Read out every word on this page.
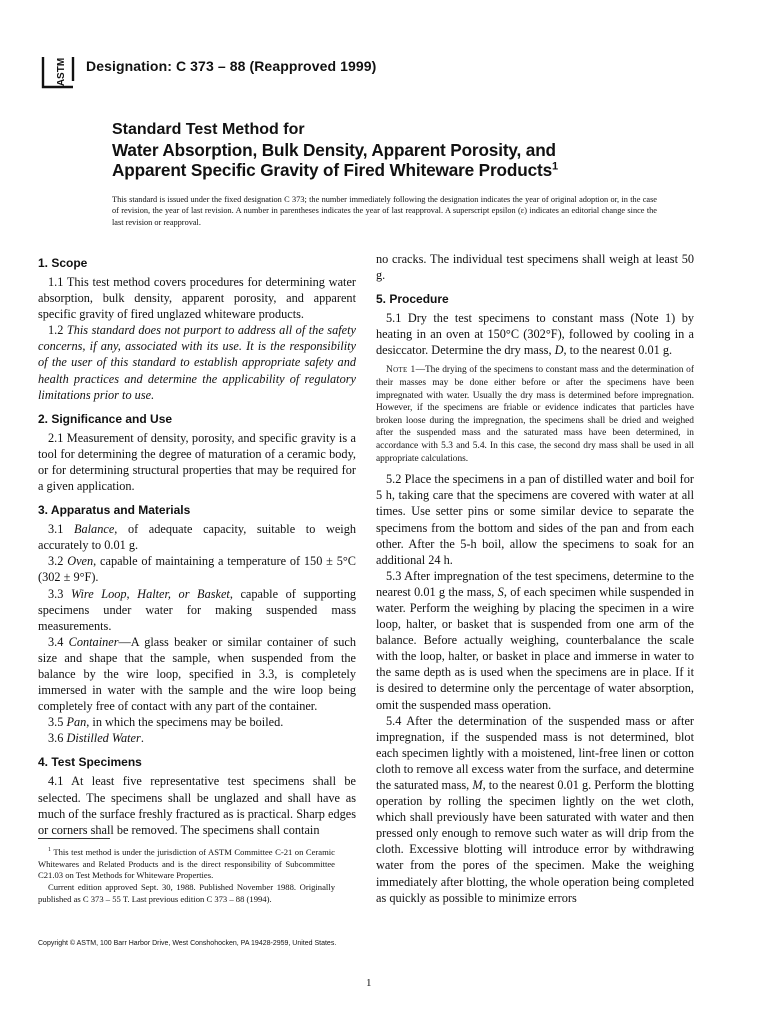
ASTM Designation: C 373 – 88 (Reapproved 1999)
Standard Test Method for
Water Absorption, Bulk Density, Apparent Porosity, and
Apparent Specific Gravity of Fired Whiteware Products$^1$
This standard is issued under the fixed designation C 373; the number immediately following the designation indicates the year of original adoption or, in the case of revision, the year of last revision. A number in parentheses indicates the year of last reapproval. A superscript epsilon (ε) indicates an editorial change since the last revision or reapproval.
1. Scope

1.1 This test method covers procedures for determining water absorption, bulk density, apparent porosity, and apparent specific gravity of fired unglazed whiteware products.

1.2 This standard does not purport to address all of the safety concerns, if any, associated with its use. It is the responsibility of the user of this standard to establish appropriate safety and health practices and determine the applicability of regulatory limitations prior to use.

2. Significance and Use

2.1 Measurement of density, porosity, and specific gravity is a tool for determining the degree of maturation of a ceramic body, or for determining structural properties that may be required for a given application.

3. Apparatus and Materials

3.1 Balance, of adequate capacity, suitable to weigh accurately to 0.01 g.

3.2 Oven, capable of maintaining a temperature of 150 ± 5°C (302 ± 9°F).

3.3 Wire Loop, Halter, or Basket, capable of supporting specimens under water for making suspended mass measurements.

3.4 Container—A glass beaker or similar container of such size and shape that the sample, when suspended from the balance by the wire loop, specified in 3.3, is completely immersed in water with the sample and the wire loop being completely free of contact with any part of the container.

3.5 Pan, in which the specimens may be boiled.

3.6 Distilled Water.

4. Test Specimens

4.1 At least five representative test specimens shall be selected. The specimens shall be unglazed and shall have as much of the surface freshly fractured as is practical. Sharp edges or corners shall be removed. The specimens shall contain

no cracks. The individual test specimens shall weigh at least 50 g.

5. Procedure

5.1 Dry the test specimens to constant mass (Note 1) by heating in an oven at 150°C (302°F), followed by cooling in a desiccator. Determine the dry mass, D, to the nearest 0.01 g.

Note 1—The drying of the specimens to constant mass and the determination of their masses may be done either before or after the specimens have been impregnated with water. Usually the dry mass is determined before impregnation. However, if the specimens are friable or evidence indicates that particles have broken loose during the impregnation, the specimens shall be dried and weighed after the suspended mass and the saturated mass have been determined, in accordance with 5.3 and 5.4. In this case, the second dry mass shall be used in all appropriate calculations.

5.2 Place the specimens in a pan of distilled water and boil for 5 h, taking care that the specimens are covered with water at all times. Use setter pins or some similar device to separate the specimens from the bottom and sides of the pan and from each other. After the 5-h boil, allow the specimens to soak for an additional 24 h.

5.3 After impregnation of the test specimens, determine to the nearest 0.01 g the mass, S, of each specimen while suspended in water. Perform the weighing by placing the specimen in a wire loop, halter, or basket that is suspended from one arm of the balance. Before actually weighing, counterbalance the scale with the loop, halter, or basket in place and immerse in water to the same depth as is used when the specimens are in place. If it is desired to determine only the percentage of water absorption, omit the suspended mass operation.

5.4 After the determination of the suspended mass or after impregnation, if the suspended mass is not determined, blot each specimen lightly with a moistened, lint-free linen or cotton cloth to remove all excess water from the surface, and determine the saturated mass, M, to the nearest 0.01 g. Perform the blotting operation by rolling the specimen lightly on the wet cloth, which shall previously have been saturated with water and then pressed only enough to remove such water as will drip from the cloth. Excessive blotting will introduce error by withdrawing water from the pores of the specimen. Make the weighing immediately after blotting, the whole operation being completed as quickly as possible to minimize errors

$^1$ This test method is under the jurisdiction of ASTM Committee C-21 on Ceramic Whitewares and Related Products and is the direct responsibility of Subcommittee C21.03 on Test Methods for Whiteware Properties.

Current edition approved Sept. 30, 1988. Published November 1988. Originally published as C 373 – 55 T. Last previous edition C 373 – 88 (1994).

Copyright © ASTM, 100 Barr Harbor Drive, West Conshohocken, PA 19428-2959, United States.
1
